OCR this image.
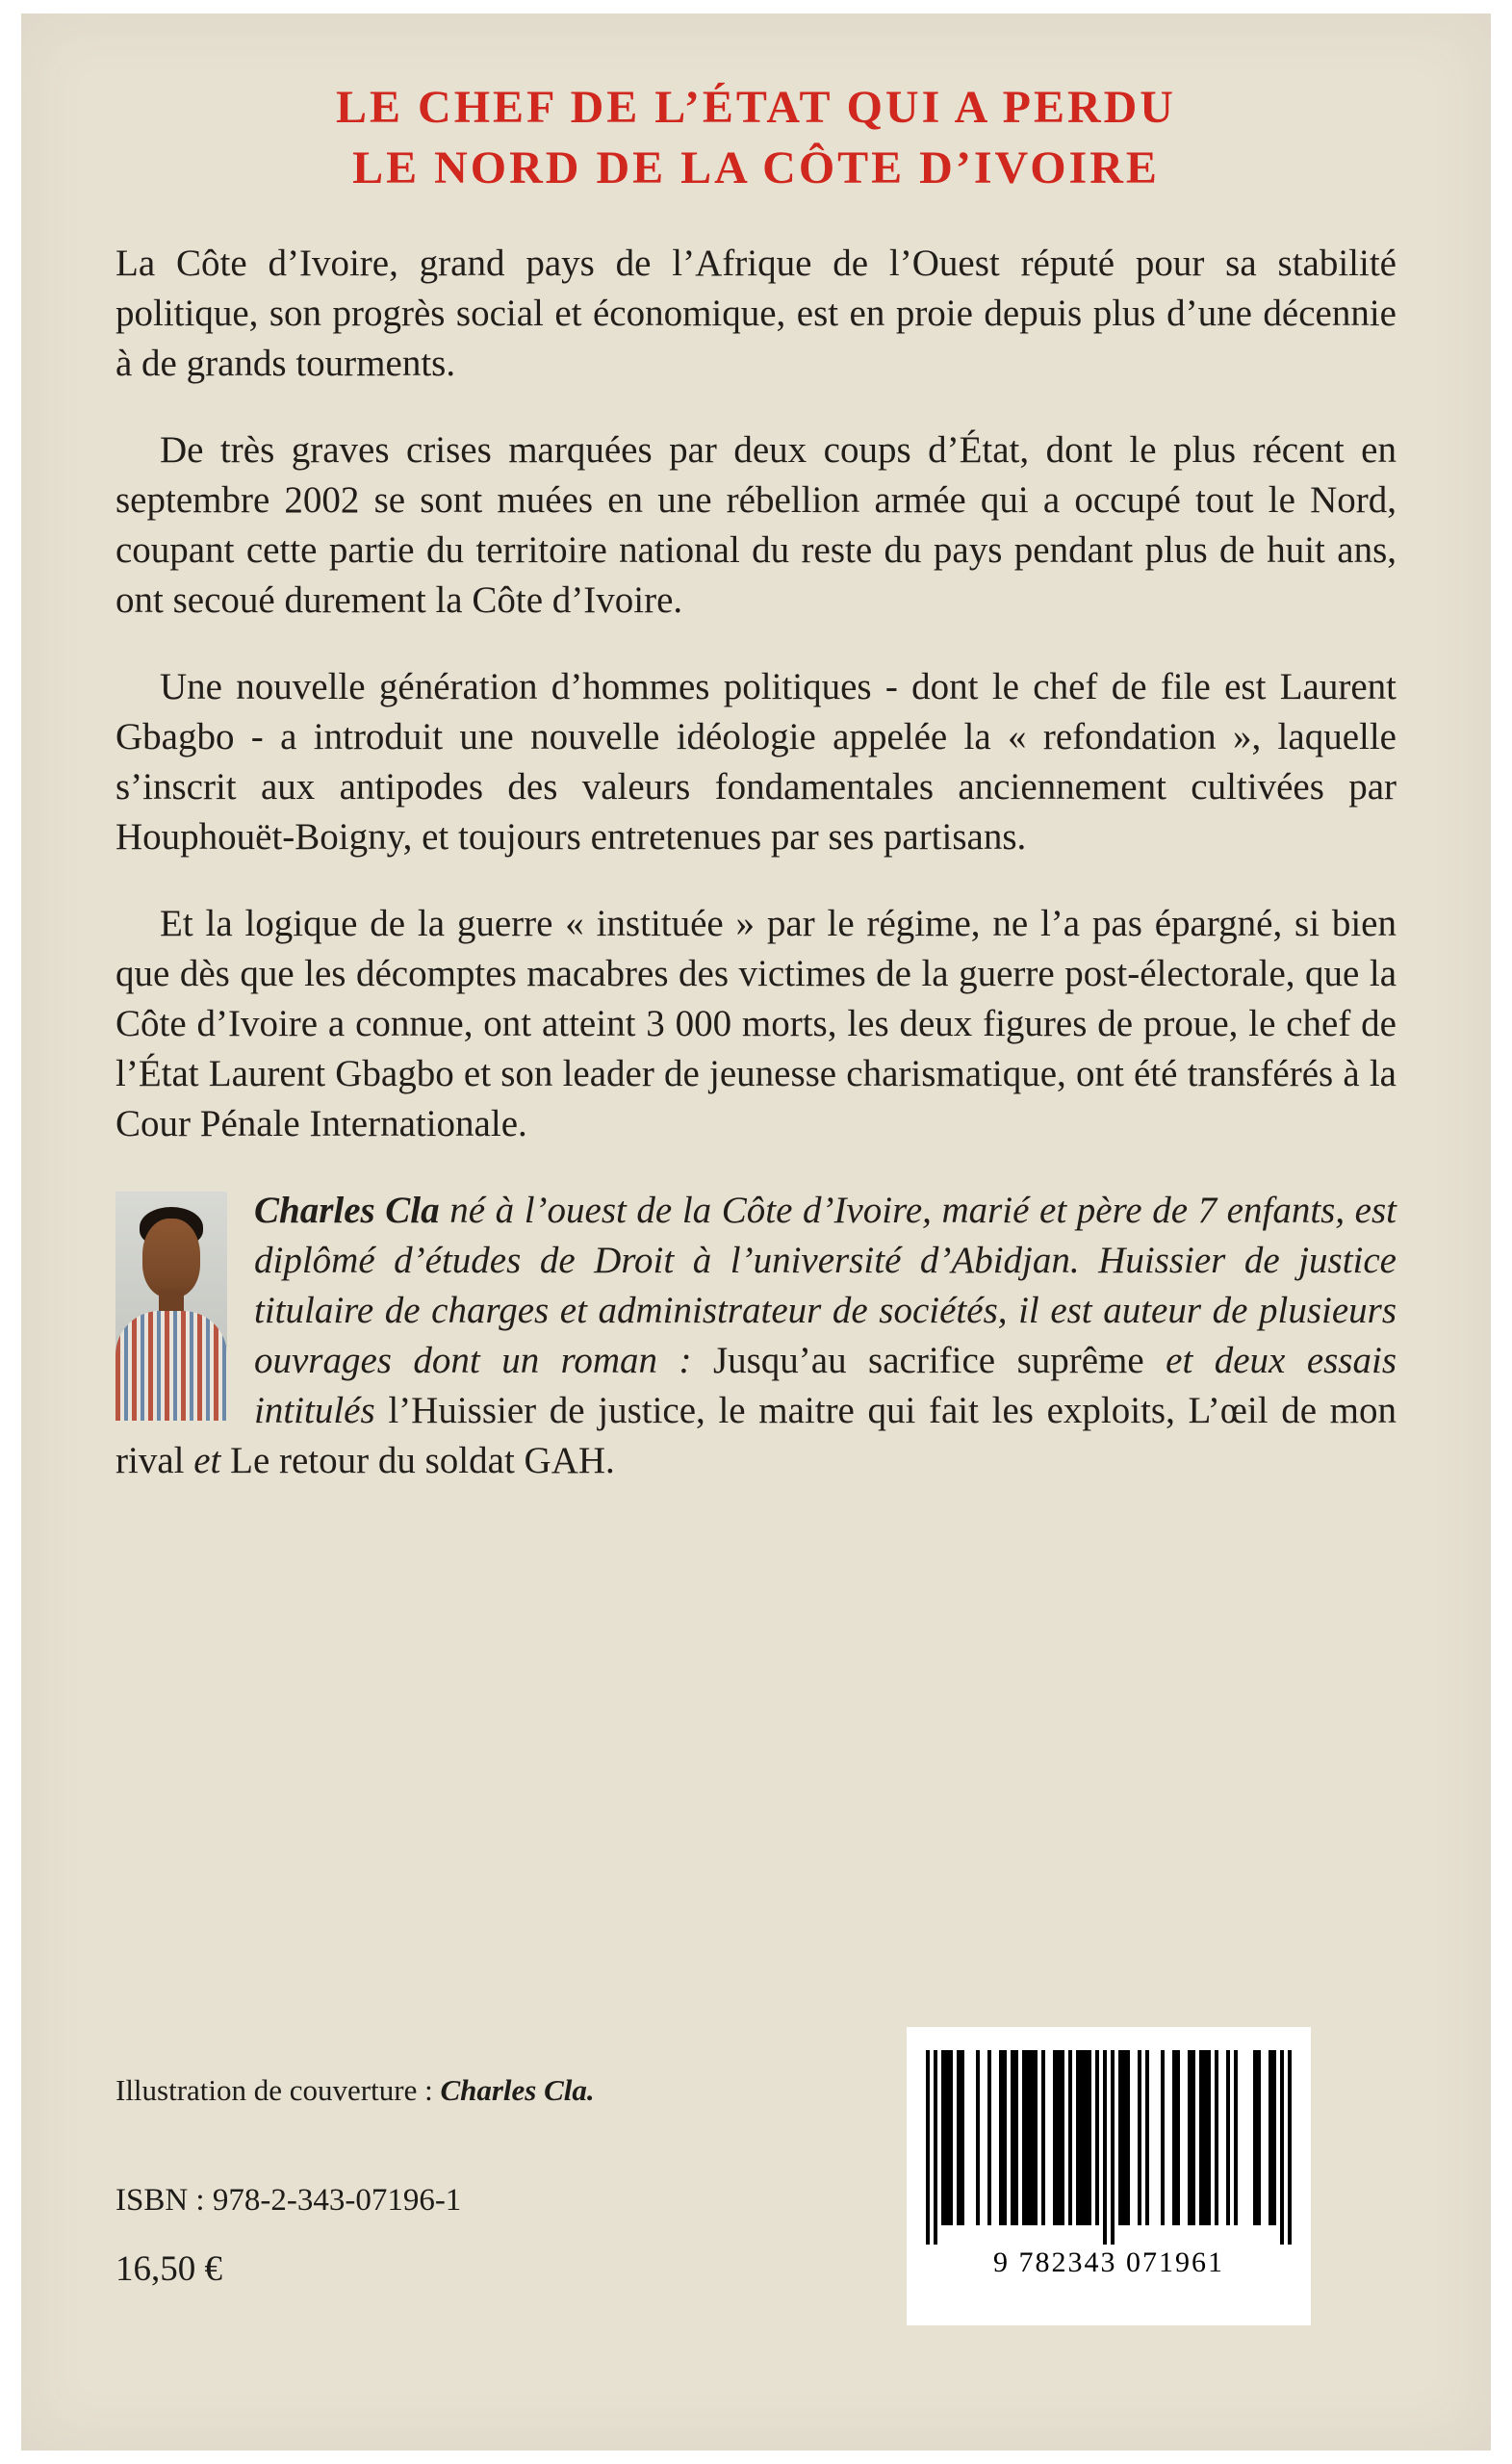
LE CHEF DE L’ÉTAT QUI A PERDU
LE NORD DE LA CÔTE D’IVOIRE

La Côte d’Ivoire, grand pays de l’Afrique de l’Ouest réputé pour sa stabilité politique, son progrès social et économique, est en proie depuis plus d’une décennie à de grands tourments.

De très graves crises marquées par deux coups d’État, dont le plus récent en septembre 2002 se sont muées en une rébellion armée qui a occupé tout le Nord, coupant cette partie du territoire national du reste du pays pendant plus de huit ans, ont secoué durement la Côte d’Ivoire.

Une nouvelle génération d’hommes politiques - dont le chef de file est Laurent Gbagbo - a introduit une nouvelle idéologie appelée la « refondation », laquelle s’inscrit aux antipodes des valeurs fondamentales anciennement cultivées par Houphouët-Boigny, et toujours entretenues par ses partisans.

Et la logique de la guerre « instituée » par le régime, ne l’a pas épargné, si bien que dès que les décomptes macabres des victimes de la guerre post-électorale, que la Côte d’Ivoire a connue, ont atteint 3 000 morts, les deux figures de proue, le chef de l’État Laurent Gbagbo et son leader de jeunesse charismatique, ont été transférés à la Cour Pénale Internationale.

Charles Cla né à l’ouest de la Côte d’Ivoire, marié et père de 7 enfants, est diplômé d’études de Droit à l’université d’Abidjan. Huissier de justice titulaire de charges et administrateur de sociétés, il est auteur de plusieurs ouvrages dont un roman : Jusqu’au sacrifice suprême et deux essais intitulés l’Huissier de justice, le maitre qui fait les exploits, L’œil de mon rival et Le retour du soldat GAH.
Illustration de couverture : Charles Cla.
ISBN : 978-2-343-07196-1
16,50 €	9 782343 071961
